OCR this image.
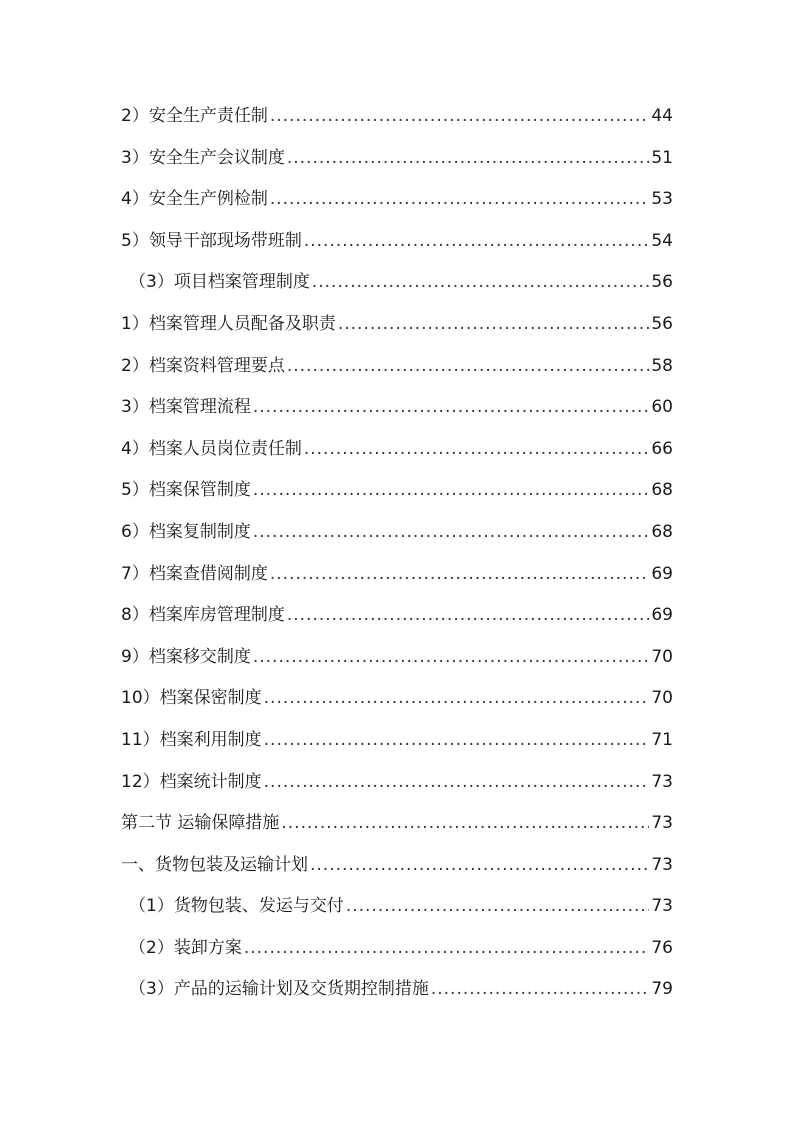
2）安全生产责任制 .....	44
3）安全生产会议制度 .....	51
4）安全生产例检制 .....	53
5）领导干部现场带班制 .....	54
（3）项目档案管理制度 .....	56
1）档案管理人员配备及职责 .....	56
2）档案资料管理要点 .....	58
3）档案管理流程 .....	60
4）档案人员岗位责任制 .....	66
5）档案保管制度 .....	68
6）档案复制制度 .....	68
7）档案查借阅制度 .....	69
8）档案库房管理制度 .....	69
9）档案移交制度 .....	70
10）档案保密制度 .....	70
11）档案利用制度 .....	71
12）档案统计制度 .....	73
第二节 运输保障措施 .....	73
一、货物包装及运输计划 .....	73
（1）货物包装、发运与交付 .....	73
（2）装卸方案 .....	76
（3）产品的运输计划及交货期控制措施 .....	79
